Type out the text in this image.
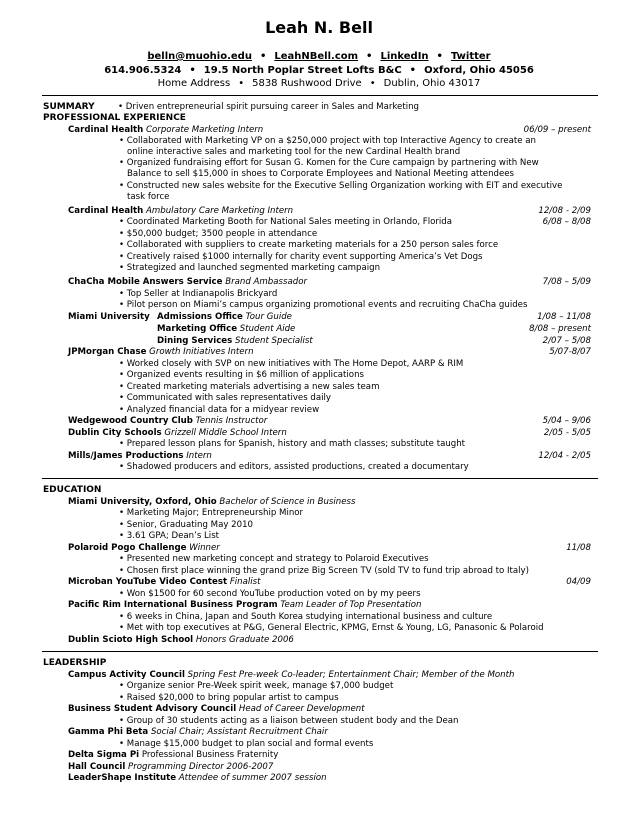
Leah N. Bell
belln@muohio.edu • LeahNBell.com • LinkedIn • Twitter
614.906.5324 • 19.5 North Poplar Street Lofts B&C • Oxford, Ohio 45056
Home Address • 5838 Rushwood Drive • Dublin, Ohio 43017
SUMMARY	• Driven entrepreneurial spirit pursuing career in Sales and Marketing
PROFESSIONAL EXPERIENCE
Cardinal Health Corporate Marketing Intern	06/09 – present
• Collaborated with Marketing VP on a $250,000 project with top Interactive Agency to create an
online interactive sales and marketing tool for the new Cardinal Health brand
• Organized fundraising effort for Susan G. Komen for the Cure campaign by partnering with New
Balance to sell $15,000 in shoes to Corporate Employees and National Meeting attendees
• Constructed new sales website for the Executive Selling Organization working with EIT and executive
task force
Cardinal Health Ambulatory Care Marketing Intern	12/08 - 2/09
• Coordinated Marketing Booth for National Sales meeting in Orlando, Florida	6/08 – 8/08
• $50,000 budget; 3500 people in attendance
• Collaborated with suppliers to create marketing materials for a 250 person sales force
• Creatively raised $1000 internally for charity event supporting America’s Vet Dogs
• Strategized and launched segmented marketing campaign
ChaCha Mobile Answers Service Brand Ambassador	7/08 – 5/09
• Top Seller at Indianapolis Brickyard
• Pilot person on Miami’s campus organizing promotional events and recruiting ChaCha guides
Miami University Admissions Office Tour Guide	1/08 – 11/08
Marketing Office Student Aide	8/08 – present
Dining Services Student Specialist	2/07 – 5/08
JPMorgan Chase Growth Initiatives Intern	5/07-8/07
• Worked closely with SVP on new initiatives with The Home Depot, AARP & RIM
• Organized events resulting in $6 million of applications
• Created marketing materials advertising a new sales team
• Communicated with sales representatives daily
• Analyzed financial data for a midyear review
Wedgewood Country Club Tennis Instructor	5/04 – 9/06
Dublin City Schools Grizzell Middle School Intern	2/05 - 5/05
• Prepared lesson plans for Spanish, history and math classes; substitute taught
Mills/James Productions Intern	12/04 - 2/05
• Shadowed producers and editors, assisted productions, created a documentary
EDUCATION
Miami University, Oxford, Ohio Bachelor of Science in Business
• Marketing Major; Entrepreneurship Minor
• Senior, Graduating May 2010
• 3.61 GPA; Dean’s List
Polaroid Pogo Challenge Winner	11/08
• Presented new marketing concept and strategy to Polaroid Executives
• Chosen first place winning the grand prize Big Screen TV (sold TV to fund trip abroad to Italy)
Microban YouTube Video Contest Finalist	04/09
• Won $1500 for 60 second YouTube production voted on by my peers
Pacific Rim International Business Program Team Leader of Top Presentation
• 6 weeks in China, Japan and South Korea studying international business and culture
• Met with top executives at P&G, General Electric, KPMG, Ernst & Young, LG, Panasonic & Polaroid
Dublin Scioto High School Honors Graduate 2006
LEADERSHIP
Campus Activity Council Spring Fest Pre-week Co-leader; Entertainment Chair; Member of the Month
• Organize senior Pre-Week spirit week, manage $7,000 budget
• Raised $20,000 to bring popular artist to campus
Business Student Advisory Council Head of Career Development
• Group of 30 students acting as a liaison between student body and the Dean
Gamma Phi Beta Social Chair; Assistant Recruitment Chair
• Manage $15,000 budget to plan social and formal events
Delta Sigma Pi Professional Business Fraternity
Hall Council Programming Director 2006-2007
LeaderShape Institute Attendee of summer 2007 session
